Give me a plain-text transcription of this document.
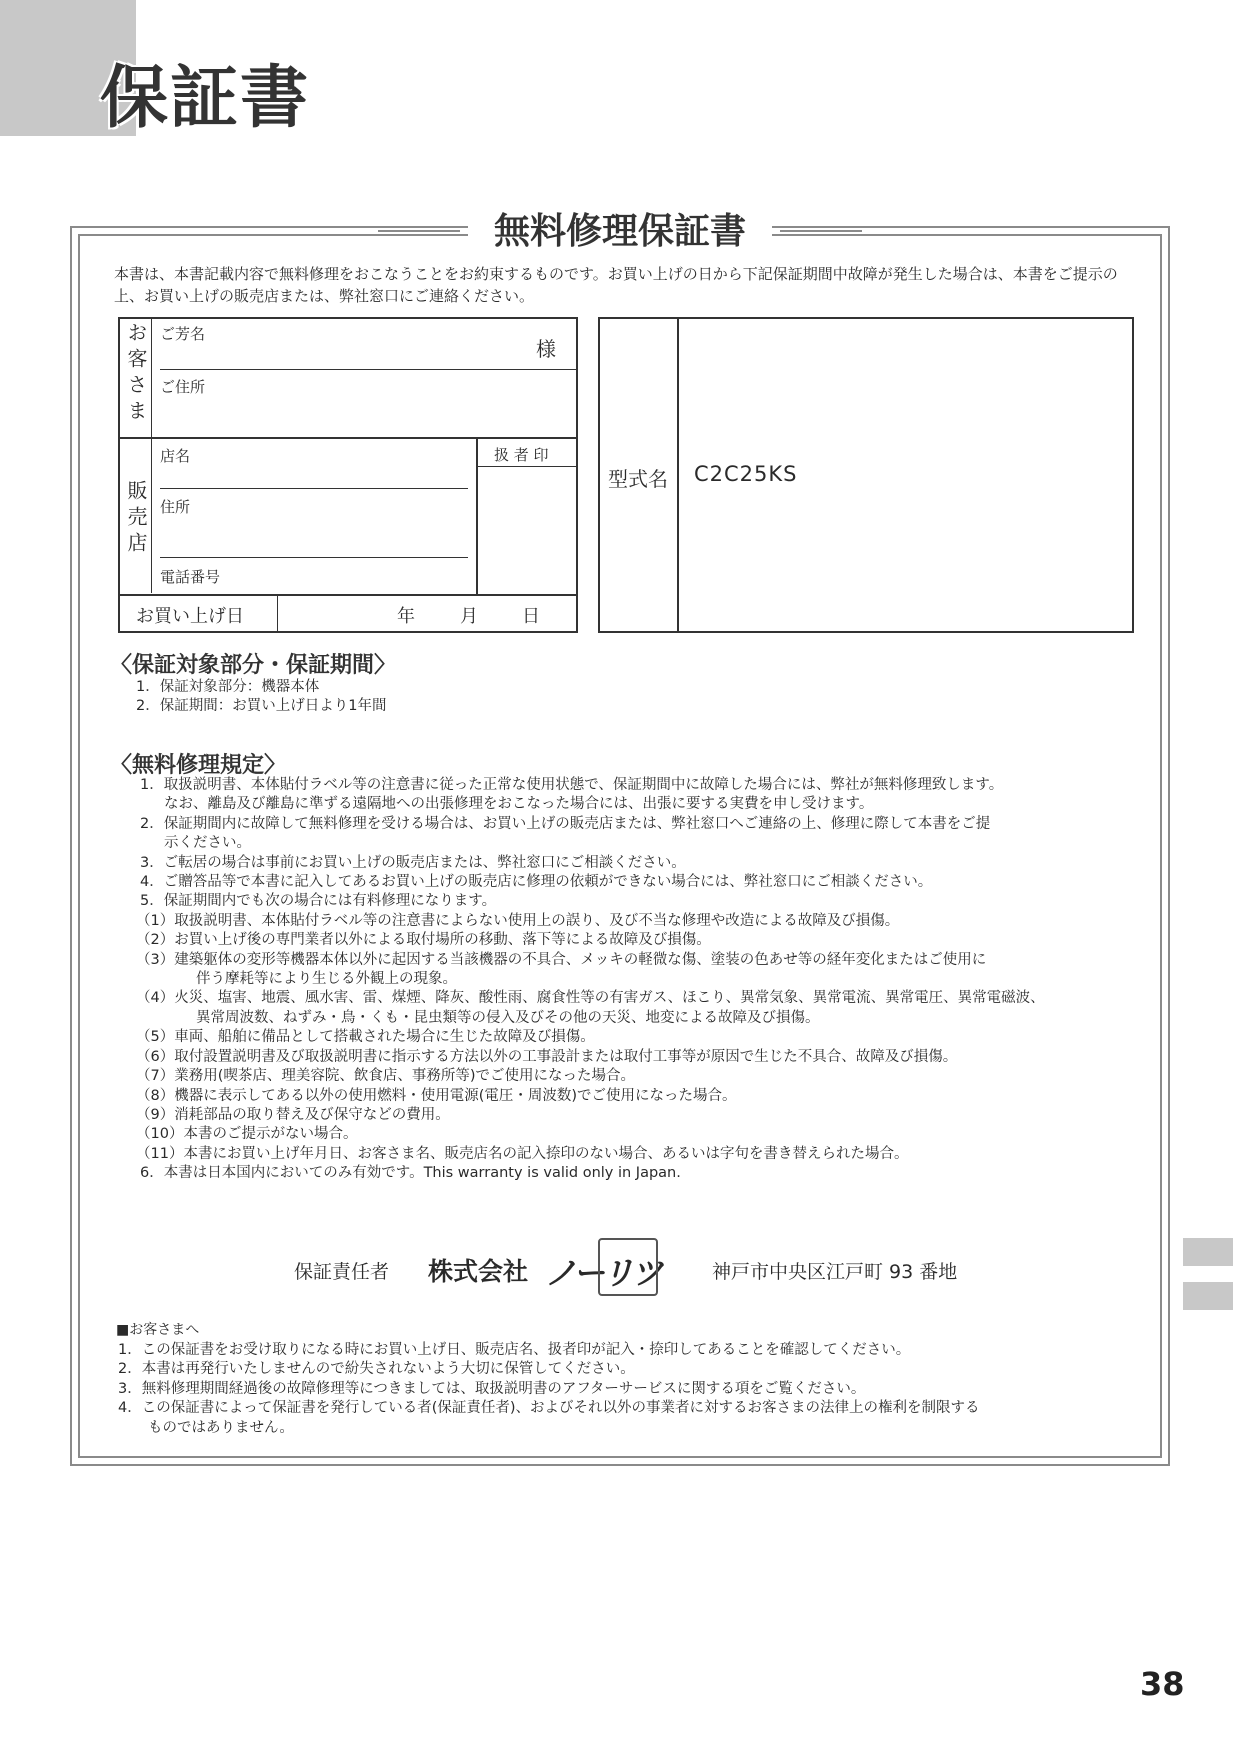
保証書
無料修理保証書
本書は、本書記載内容で無料修理をおこなうことをお約束するものです。お買い上げの日から下記保証期間中故障が発生した場合は、本書をご提示の上、お買い上げの販売店または、弊社窓口にご連絡ください。
お客さま ご芳名
様
ご住所
販売店
店名	扱 者 印
住所
電話番号
お買い上げ日	年	月 日
型式名 C2C25KS
〈保証対象部分・保証期間〉
1．保証対象部分：機器本体
2．保証期間：お買い上げ日より1年間
〈無料修理規定〉
1．取扱説明書、本体貼付ラベル等の注意書に従った正常な使用状態で、保証期間中に故障した場合には、弊社が無料修理致します。
なお、離島及び離島に準ずる遠隔地への出張修理をおこなった場合には、出張に要する実費を申し受けます。
2．保証期間内に故障して無料修理を受ける場合は、お買い上げの販売店または、弊社窓口へご連絡の上、修理に際して本書をご提
示ください。
3．ご転居の場合は事前にお買い上げの販売店または、弊社窓口にご相談ください。
4．ご贈答品等で本書に記入してあるお買い上げの販売店に修理の依頼ができない場合には、弊社窓口にご相談ください。
5．保証期間内でも次の場合には有料修理になります。
（1）取扱説明書、本体貼付ラベル等の注意書によらない使用上の誤り、及び不当な修理や改造による故障及び損傷。
（2）お買い上げ後の専門業者以外による取付場所の移動、落下等による故障及び損傷。
（3）建築躯体の変形等機器本体以外に起因する当該機器の不具合、メッキの軽微な傷、塗装の色あせ等の経年変化またはご使用に
伴う摩耗等により生じる外観上の現象。
（4）火災、塩害、地震、風水害、雷、煤煙、降灰、酸性雨、腐食性等の有害ガス、ほこり、異常気象、異常電流、異常電圧、異常電磁波、
異常周波数、ねずみ・鳥・くも・昆虫類等の侵入及びその他の天災、地変による故障及び損傷。
（5）車両、船舶に備品として搭載された場合に生じた故障及び損傷。
（6）取付設置説明書及び取扱説明書に指示する方法以外の工事設計または取付工事等が原因で生じた不具合、故障及び損傷。
（7）業務用(喫茶店、理美容院、飲食店、事務所等)でご使用になった場合。
（8）機器に表示してある以外の使用燃料・使用電源(電圧・周波数)でご使用になった場合。
（9）消耗部品の取り替え及び保守などの費用。
（10）本書のご提示がない場合。
（11）本書にお買い上げ年月日、お客さま名、販売店名の記入捺印のない場合、あるいは字句を書き替えられた場合。
6．本書は日本国内においてのみ有効です。This warranty is valid only in Japan.
保証責任者 株式会社 ノーリツ	神戸市中央区江戸町 93 番地
■お客さまへ
1．この保証書をお受け取りになる時にお買い上げ日、販売店名、扱者印が記入・捺印してあることを確認してください。
2．本書は再発行いたしませんので紛失されないよう大切に保管してください。
3．無料修理期間経過後の故障修理等につきましては、取扱説明書のアフターサービスに関する項をご覧ください。
4．この保証書によって保証書を発行している者(保証責任者)、およびそれ以外の事業者に対するお客さまの法律上の権利を制限する
ものではありません。
38
